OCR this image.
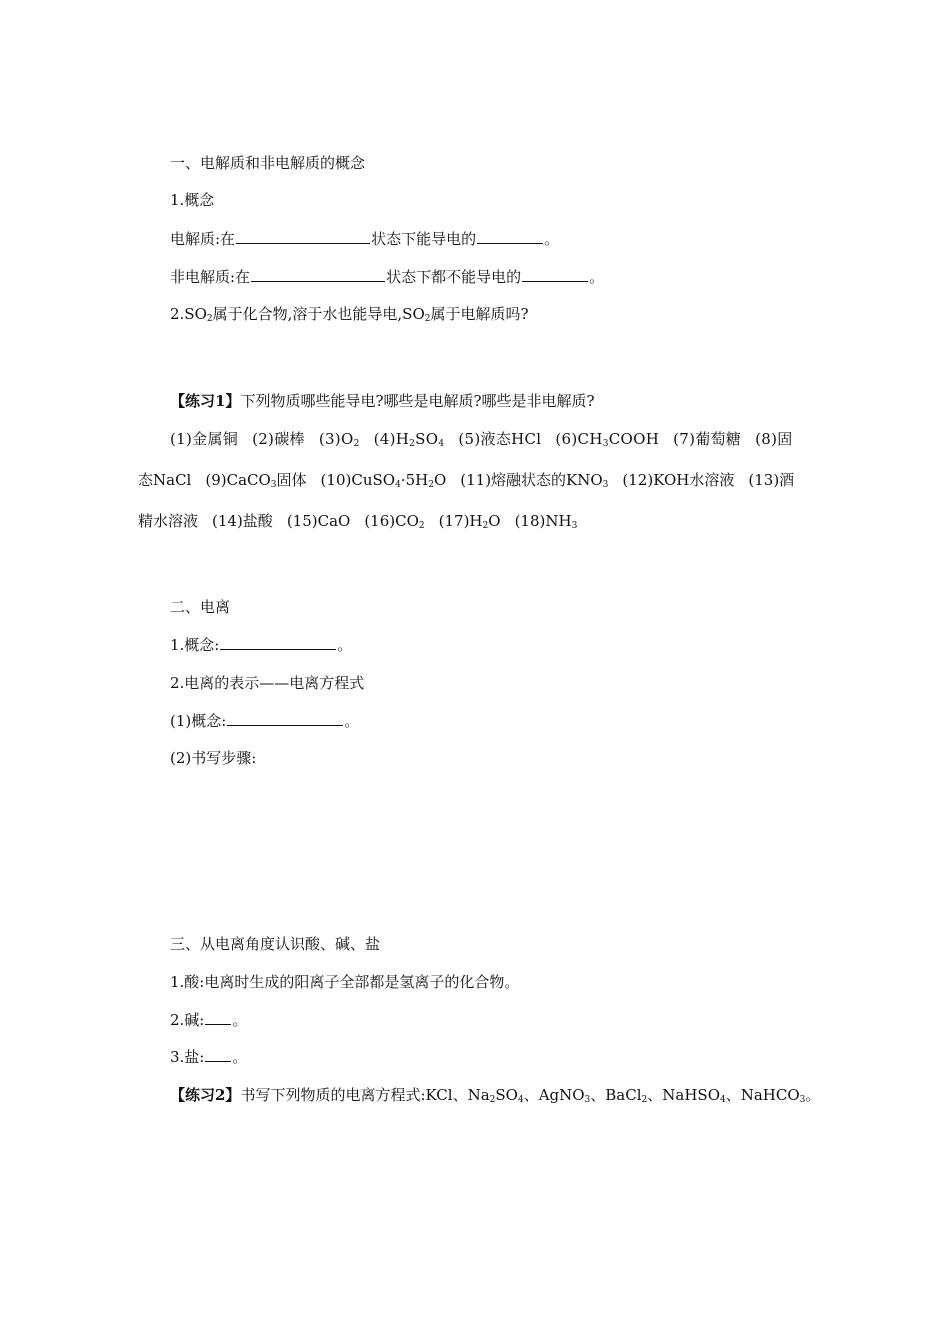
一、电解质和非电解质的概念
1.概念
电解质:在	状态下能导电的	。
非电解质:在	状态下都不能导电的	。
$2.SO_2$属于化合物,溶于水也能导电$,SO_2$属于电解质吗?
【练习1】下列物质哪些能导电?哪些是电解质?哪些是非电解质?
(1)金属铜 (2)碳棒 $(3)O_2$ $(4)H_2SO_4$ (5)液态HCl $(6)CH_3COOH$ (7)葡萄糖 (8)固
态NaCl (9)CaCO$_3$固体 $(10)CuSO_4\cdot 5H_2O$ (11)熔融状态的$KNO_3$ (12)KOH水溶液 (13)酒
精水溶液 (14)盐酸 (15)CaO $(16)CO_2$ $(17)H_2O$ $(18)NH_3$
二、电离
1.概念:	。
2.电离的表示——电离方程式
(1)概念:	。
(2)书写步骤:
三、从电离角度认识酸、碱、盐
1.酸:电离时生成的阳离子全部都是氢离子的化合物。
2.碱: 。
3.盐: 。
【练习2】书写下列物质的电离方程式:KCl、$Na_2SO_4$、AgNO$_3$、BaCl$_2$、NaHSO$_4$、NaHCO$_3$。
